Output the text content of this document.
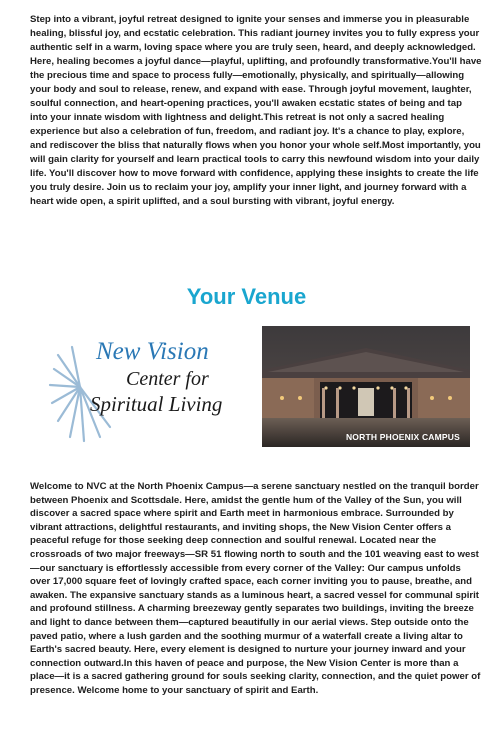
Step into a vibrant, joyful retreat designed to ignite your senses and immerse you in pleasurable healing, blissful joy, and ecstatic celebration. This radiant journey invites you to fully express your authentic self in a warm, loving space where you are truly seen, heard, and deeply acknowledged. Here, healing becomes a joyful dance—playful, uplifting, and profoundly transformative.You'll have the precious time and space to process fully—emotionally, physically, and spiritually—allowing your body and soul to release, renew, and expand with ease. Through joyful movement, laughter, soulful connection, and heart-opening practices, you'll awaken ecstatic states of being and tap into your innate wisdom with lightness and delight.This retreat is not only a sacred healing experience but also a celebration of fun, freedom, and radiant joy. It's a chance to play, explore, and rediscover the bliss that naturally flows when you honor your whole self.Most importantly, you will gain clarity for yourself and learn practical tools to carry this newfound wisdom into your daily life. You'll discover how to move forward with confidence, applying these insights to create the life you truly desire. Join us to reclaim your joy, amplify your inner light, and journey forward with a heart wide open, a spirit uplifted, and a soul bursting with vibrant, joyful energy.

Your Venue
New Vision
Center for
Spiritual Living
NORTH PHOENIX CAMPUS

Welcome to NVC at the North Phoenix Campus—a serene sanctuary nestled on the tranquil border between Phoenix and Scottsdale. Here, amidst the gentle hum of the Valley of the Sun, you will discover a sacred space where spirit and Earth meet in harmonious embrace. Surrounded by vibrant attractions, delightful restaurants, and inviting shops, the New Vision Center offers a peaceful refuge for those seeking deep connection and soulful renewal. Located near the crossroads of two major freeways—SR 51 flowing north to south and the 101 weaving east to west—our sanctuary is effortlessly accessible from every corner of the Valley: Our campus unfolds over 17,000 square feet of lovingly crafted space, each corner inviting you to pause, breathe, and awaken. The expansive sanctuary stands as a luminous heart, a sacred vessel for communal spirit and profound stillness. A charming breezeway gently separates two buildings, inviting the breeze and light to dance between them—captured beautifully in our aerial views. Step outside onto the paved patio, where a lush garden and the soothing murmur of a waterfall create a living altar to Earth's sacred beauty. Here, every element is designed to nurture your journey inward and your connection outward.In this haven of peace and purpose, the New Vision Center is more than a place—it is a sacred gathering ground for souls seeking clarity, connection, and the quiet power of presence. Welcome home to your sanctuary of spirit and Earth.
